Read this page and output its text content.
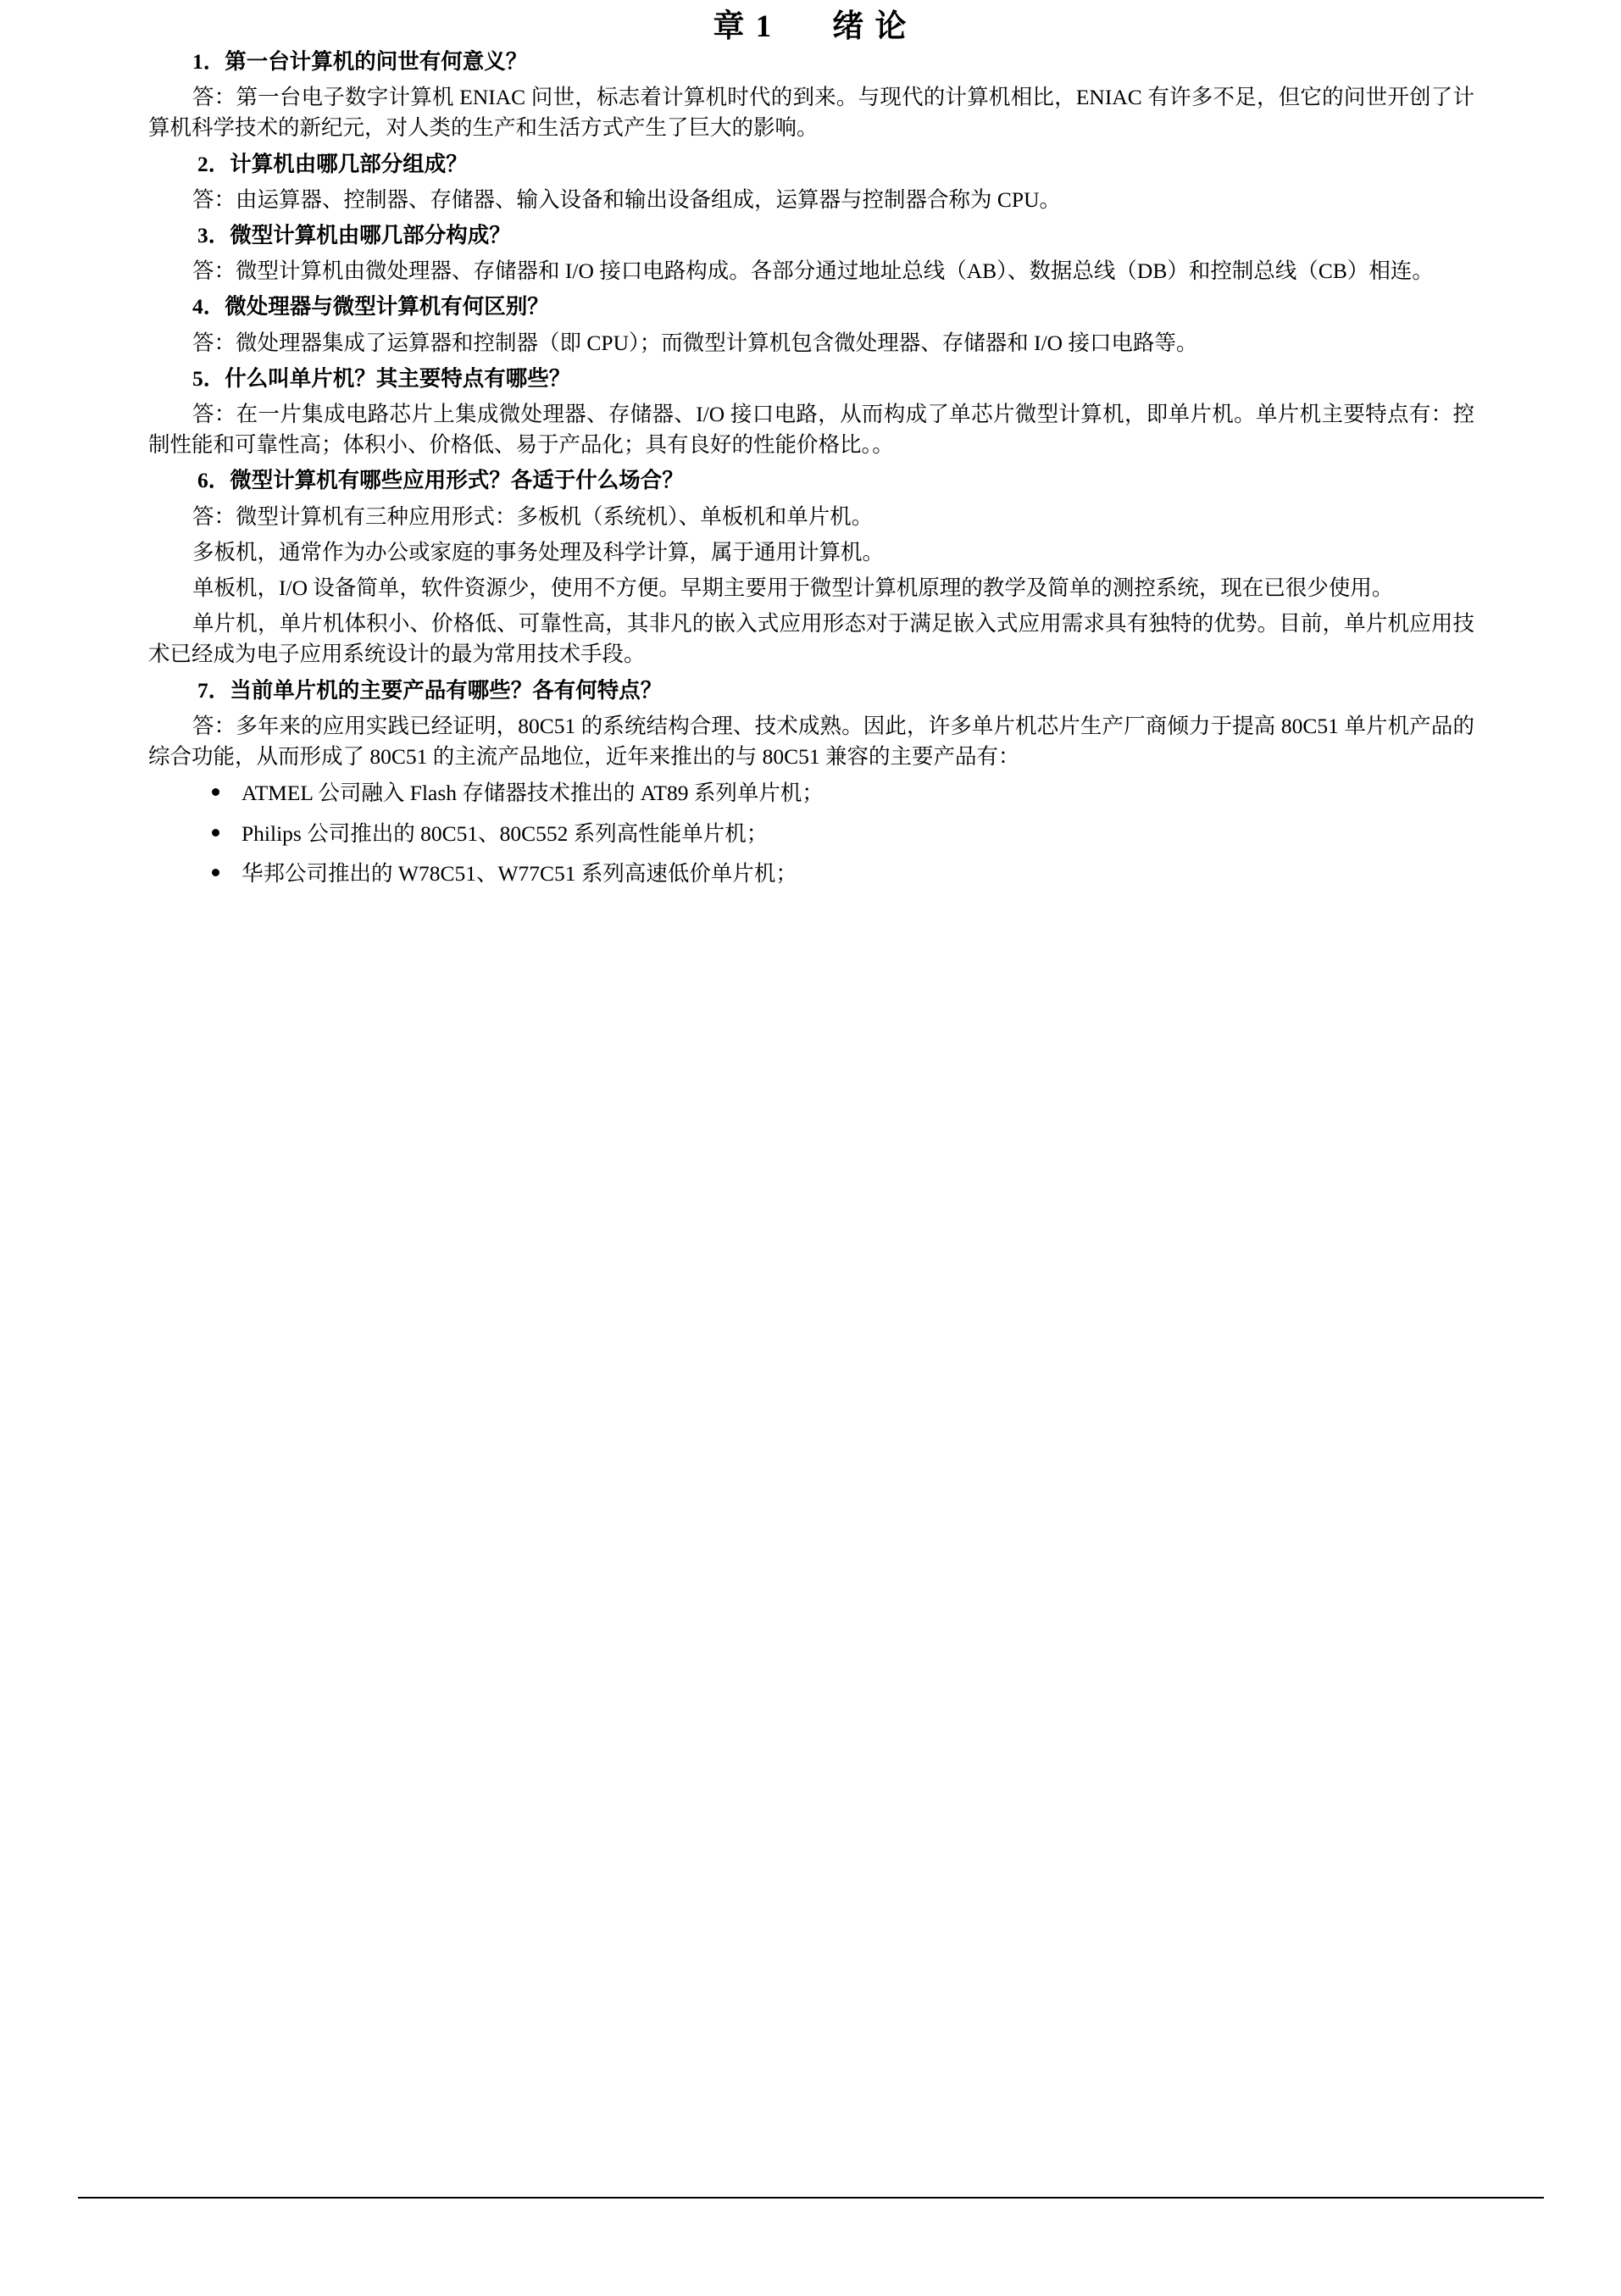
章 1 绪 论

1．第一台计算机的问世有何意义？

答：第一台电子数字计算机 ENIAC 问世，标志着计算机时代的到来。与现代的计算机相比，ENIAC 有许多不足，但它的问世开创了计算机科学技术的新纪元，对人类的生产和生活方式产生了巨大的影响。

2．计算机由哪几部分组成？

答：由运算器、控制器、存储器、输入设备和输出设备组成，运算器与控制器合称为 CPU。

3．微型计算机由哪几部分构成？

答：微型计算机由微处理器、存储器和 I/O 接口电路构成。各部分通过地址总线（AB）、数据总线（DB）和控制总线（CB）相连。

4．微处理器与微型计算机有何区别？

答：微处理器集成了运算器和控制器（即 CPU）；而微型计算机包含微处理器、存储器和 I/O 接口电路等。

5．什么叫单片机？其主要特点有哪些？

答：在一片集成电路芯片上集成微处理器、存储器、I/O 接口电路，从而构成了单芯片微型计算机，即单片机。单片机主要特点有：控制性能和可靠性高；体积小、价格低、易于产品化；具有良好的性能价格比。。

6．微型计算机有哪些应用形式？各适于什么场合？

答：微型计算机有三种应用形式：多板机（系统机）、单板机和单片机。

多板机，通常作为办公或家庭的事务处理及科学计算，属于通用计算机。

单板机，I/O 设备简单，软件资源少，使用不方便。早期主要用于微型计算机原理的教学及简单的测控系统，现在已很少使用。

单片机，单片机体积小、价格低、可靠性高，其非凡的嵌入式应用形态对于满足嵌入式应用需求具有独特的优势。目前，单片机应用技术已经成为电子应用系统设计的最为常用技术手段。

7．当前单片机的主要产品有哪些？各有何特点？

答：多年来的应用实践已经证明，80C51 的系统结构合理、技术成熟。因此，许多单片机芯片生产厂商倾力于提高 80C51 单片机产品的综合功能，从而形成了 80C51 的主流产品地位，近年来推出的与 80C51 兼容的主要产品有：

ATMEL 公司融入 Flash 存储器技术推出的 AT89 系列单片机；
Philips 公司推出的 80C51、80C552 系列高性能单片机；
华邦公司推出的 W78C51、W77C51 系列高速低价单片机；
